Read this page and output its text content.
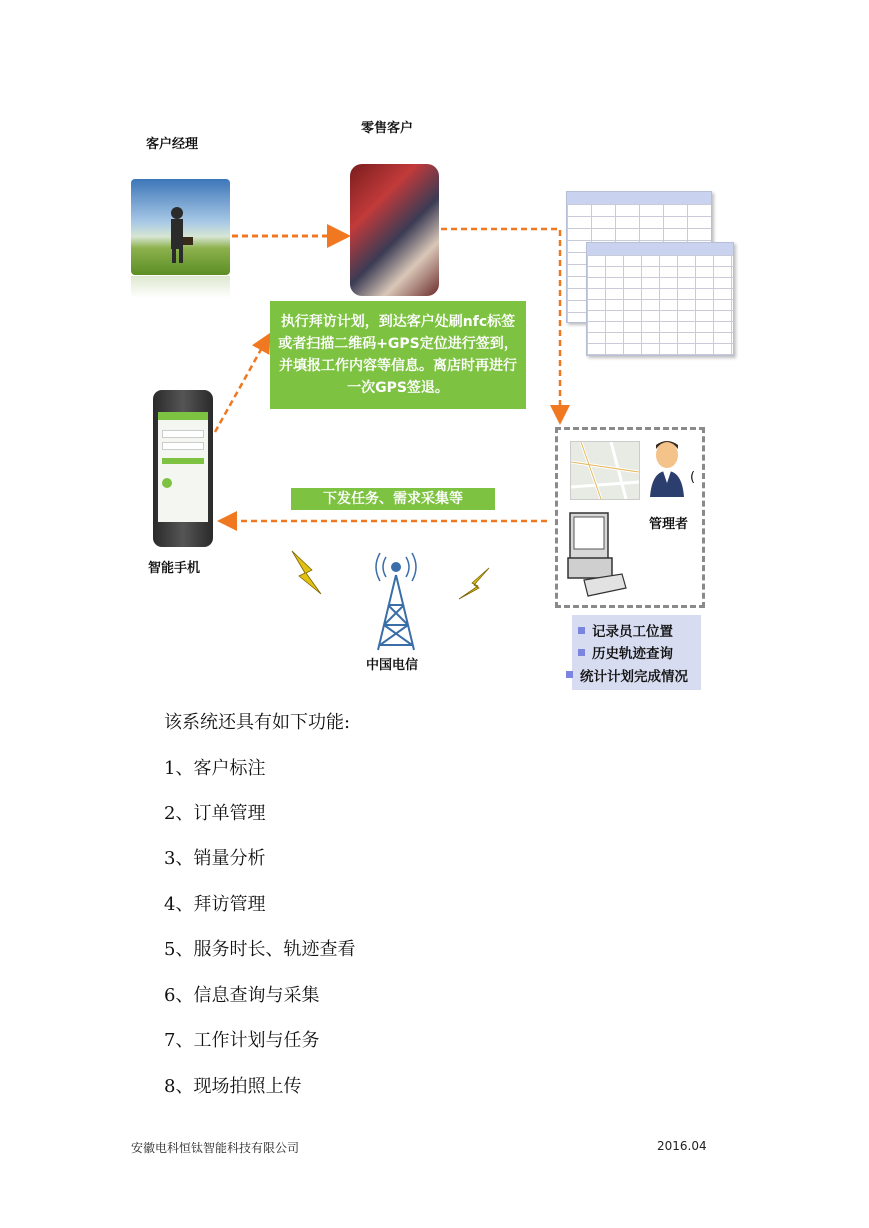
客户经理
零售客户
执行拜访计划，到达客户处刷nfc标签或者扫描二维码+GPS定位进行签到，并填报工作内容等信息。离店时再进行一次GPS签退。
智能手机
下发任务、需求采集等
中国电信
(
管理者
记录员工位置
历史轨迹查询
统计计划完成情况
该系统还具有如下功能:
1、客户标注
2、订单管理
3、销量分析
4、拜访管理
5、服务时长、轨迹查看
6、信息查询与采集
7、工作计划与任务
8、现场拍照上传
安徽电科恒钛智能科技有限公司	2016.04
